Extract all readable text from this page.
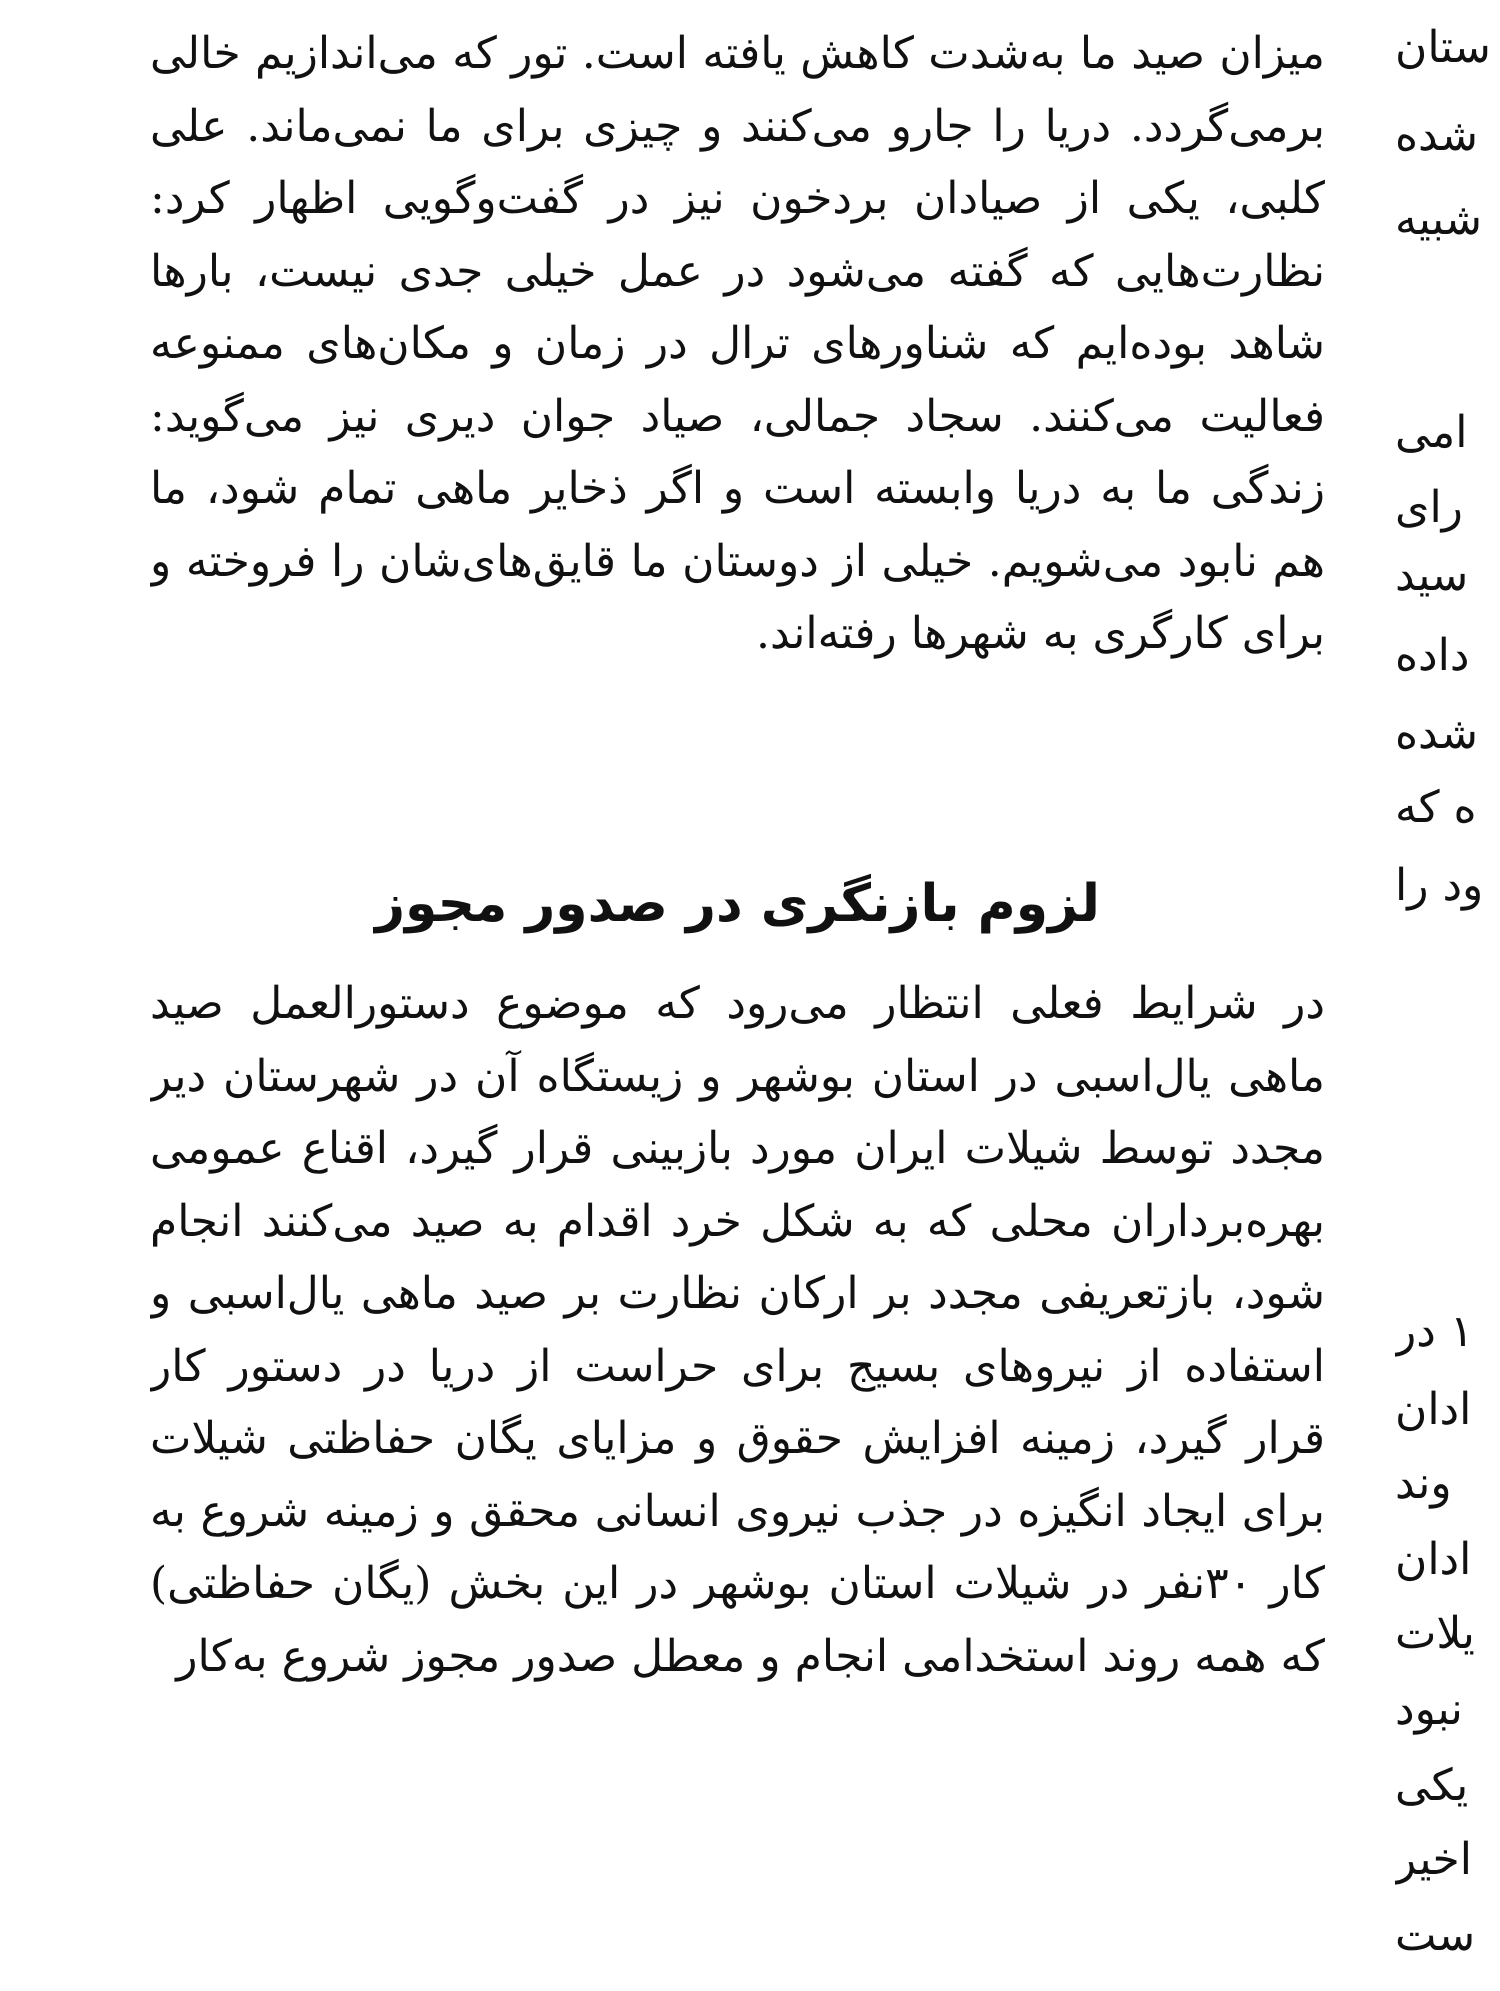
میزان صید ما به‌شدت کاهش یافته است. تور که می‌اندازیم خالی برمی‌گردد. دریا را جارو می‌کنند و چیزی برای ما نمی‌ماند. علی کلبی، یکی از صیادان بردخون نیز در گفت‌وگویی اظهار کرد: نظارت‌هایی که گفته می‌شود در عمل خیلی جدی نیست، بارها شاهد بوده‌ایم که شناورهای ترال در زمان و مکان‌های ممنوعه فعالیت می‌کنند. سجاد جمالی، صیاد جوان دیری نیز می‌گوید: زندگی ما به دریا وابسته است و اگر ذخایر ماهی تمام شود، ما هم نابود می‌شویم. خیلی از دوستان ما قایق‌های‌شان را فروخته و برای کارگری به شهرها رفته‌اند.

لزوم بازنگری در صدور مجوز

در شرایط فعلی انتظار می‌رود که موضوع دستورالعمل صید ماهی یال‌اسبی در استان بوشهر و زیستگاه آن در شهرستان دیر مجدد توسط شیلات ایران مورد بازبینی قرار گیرد، اقناع عمومی بهره‌برداران محلی که به شکل خرد اقدام به صید می‌کنند انجام شود، بازتعریفی مجدد بر ارکان نظارت بر صید ماهی یال‌اسبی و استفاده از نیروهای بسیج برای حراست از دریا در دستور کار قرار گیرد، زمینه افزایش حقوق و مزایای یگان حفاظتی شیلات برای ایجاد انگیزه در جذب نیروی انسانی محقق و زمینه شروع به کار ۳۰نفر در شیلات استان بوشهر در این بخش (یگان حفاظتی) که همه روند استخدامی انجام و معطل صدور مجوز شروع به‌کار

ستان
شده
شبیه
امی
رای
سید
داده
شده
ه که
ود را
۱ در
ادان
وند
ادان
یلات
نبود
یکی
اخیر
ست
